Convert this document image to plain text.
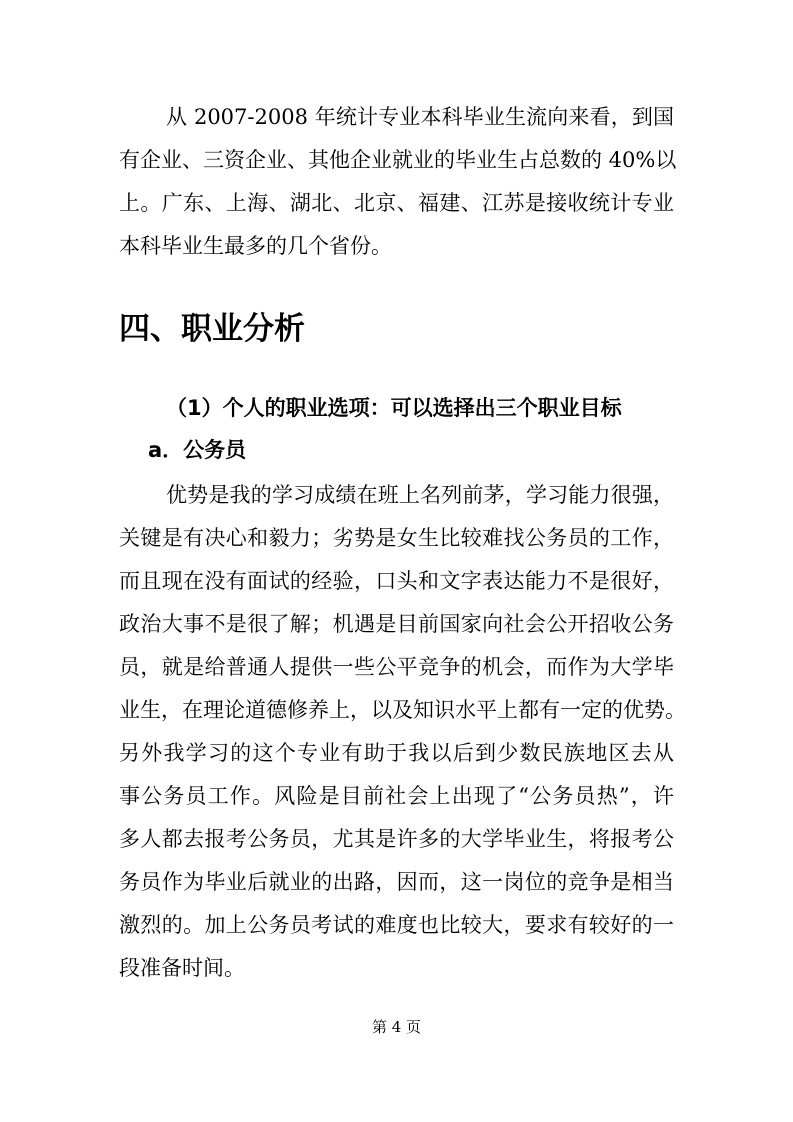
从 2007-2008 年统计专业本科毕业生流向来看，到国
有企业、三资企业、其他企业就业的毕业生占总数的 40%以
上。广东、上海、湖北、北京、福建、江苏是接收统计专业
本科毕业生最多的几个省份。
四、职业分析
（1）个人的职业选项：可以选择出三个职业目标
a．公务员
优势是我的学习成绩在班上名列前茅，学习能力很强，
关键是有决心和毅力；劣势是女生比较难找公务员的工作，
而且现在没有面试的经验，口头和文字表达能力不是很好，
政治大事不是很了解；机遇是目前国家向社会公开招收公务
员，就是给普通人提供一些公平竞争的机会，而作为大学毕
业生，在理论道德修养上，以及知识水平上都有一定的优势。
另外我学习的这个专业有助于我以后到少数民族地区去从
事公务员工作。风险是目前社会上出现了“公务员热”，许
多人都去报考公务员，尤其是许多的大学毕业生，将报考公
务员作为毕业后就业的出路，因而，这一岗位的竞争是相当
激烈的。加上公务员考试的难度也比较大，要求有较好的一
段准备时间。
第 4 页
